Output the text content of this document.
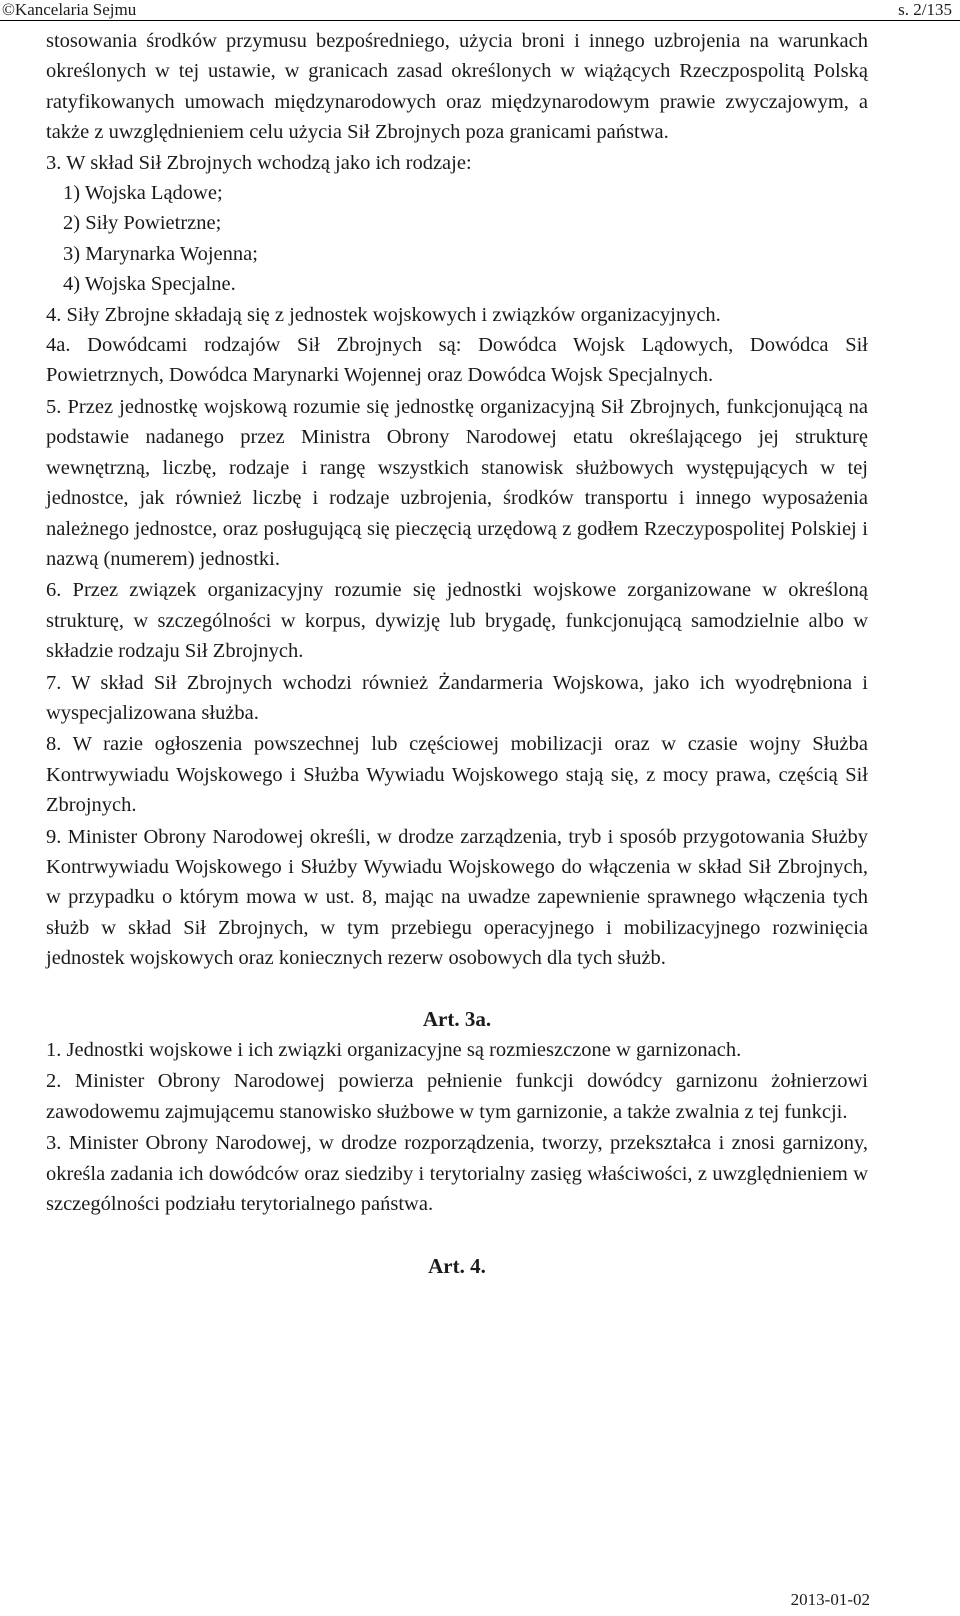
©Kancelaria Sejmu	s. 2/135

stosowania środków przymusu bezpośredniego, użycia broni i innego uzbrojenia na warunkach określonych w tej ustawie, w granicach zasad określonych w wiążących Rzeczpospolitą Polską ratyfikowanych umowach międzynarodowych oraz międzynarodowym prawie zwyczajowym, a także z uwzględnieniem celu użycia Sił Zbrojnych poza granicami państwa.

3. W skład Sił Zbrojnych wchodzą jako ich rodzaje:

1) Wojska Lądowe;

2) Siły Powietrzne;

3) Marynarka Wojenna;

4) Wojska Specjalne.

4. Siły Zbrojne składają się z jednostek wojskowych i związków organizacyjnych.

4a. Dowódcami rodzajów Sił Zbrojnych są: Dowódca Wojsk Lądowych, Dowódca Sił Powietrznych, Dowódca Marynarki Wojennej oraz Dowódca Wojsk Specjalnych.

5. Przez jednostkę wojskową rozumie się jednostkę organizacyjną Sił Zbrojnych, funkcjonującą na podstawie nadanego przez Ministra Obrony Narodowej etatu określającego jej strukturę wewnętrzną, liczbę, rodzaje i rangę wszystkich stanowisk służbowych występujących w tej jednostce, jak również liczbę i rodzaje uzbrojenia, środków transportu i innego wyposażenia należnego jednostce, oraz posługującą się pieczęcią urzędową z godłem Rzeczypospolitej Polskiej i nazwą (numerem) jednostki.

6. Przez związek organizacyjny rozumie się jednostki wojskowe zorganizowane w określoną strukturę, w szczególności w korpus, dywizję lub brygadę, funkcjonującą samodzielnie albo w składzie rodzaju Sił Zbrojnych.

7. W skład Sił Zbrojnych wchodzi również Żandarmeria Wojskowa, jako ich wyodrębniona i wyspecjalizowana służba.

8. W razie ogłoszenia powszechnej lub częściowej mobilizacji oraz w czasie wojny Służba Kontrwywiadu Wojskowego i Służba Wywiadu Wojskowego stają się, z mocy prawa, częścią Sił Zbrojnych.

9. Minister Obrony Narodowej określi, w drodze zarządzenia, tryb i sposób przygotowania Służby Kontrwywiadu Wojskowego i Służby Wywiadu Wojskowego do włączenia w skład Sił Zbrojnych, w przypadku o którym mowa w ust. 8, mając na uwadze zapewnienie sprawnego włączenia tych służb w skład Sił Zbrojnych, w tym przebiegu operacyjnego i mobilizacyjnego rozwinięcia jednostek wojskowych oraz koniecznych rezerw osobowych dla tych służb.

Art. 3a.

1. Jednostki wojskowe i ich związki organizacyjne są rozmieszczone w garnizonach.

2. Minister Obrony Narodowej powierza pełnienie funkcji dowódcy garnizonu żołnierzowi zawodowemu zajmującemu stanowisko służbowe w tym garnizonie, a także zwalnia z tej funkcji.

3. Minister Obrony Narodowej, w drodze rozporządzenia, tworzy, przekształca i znosi garnizony, określa zadania ich dowódców oraz siedziby i terytorialny zasięg właściwości, z uwzględnieniem w szczególności podziału terytorialnego państwa.

Art. 4.

2013-01-02
